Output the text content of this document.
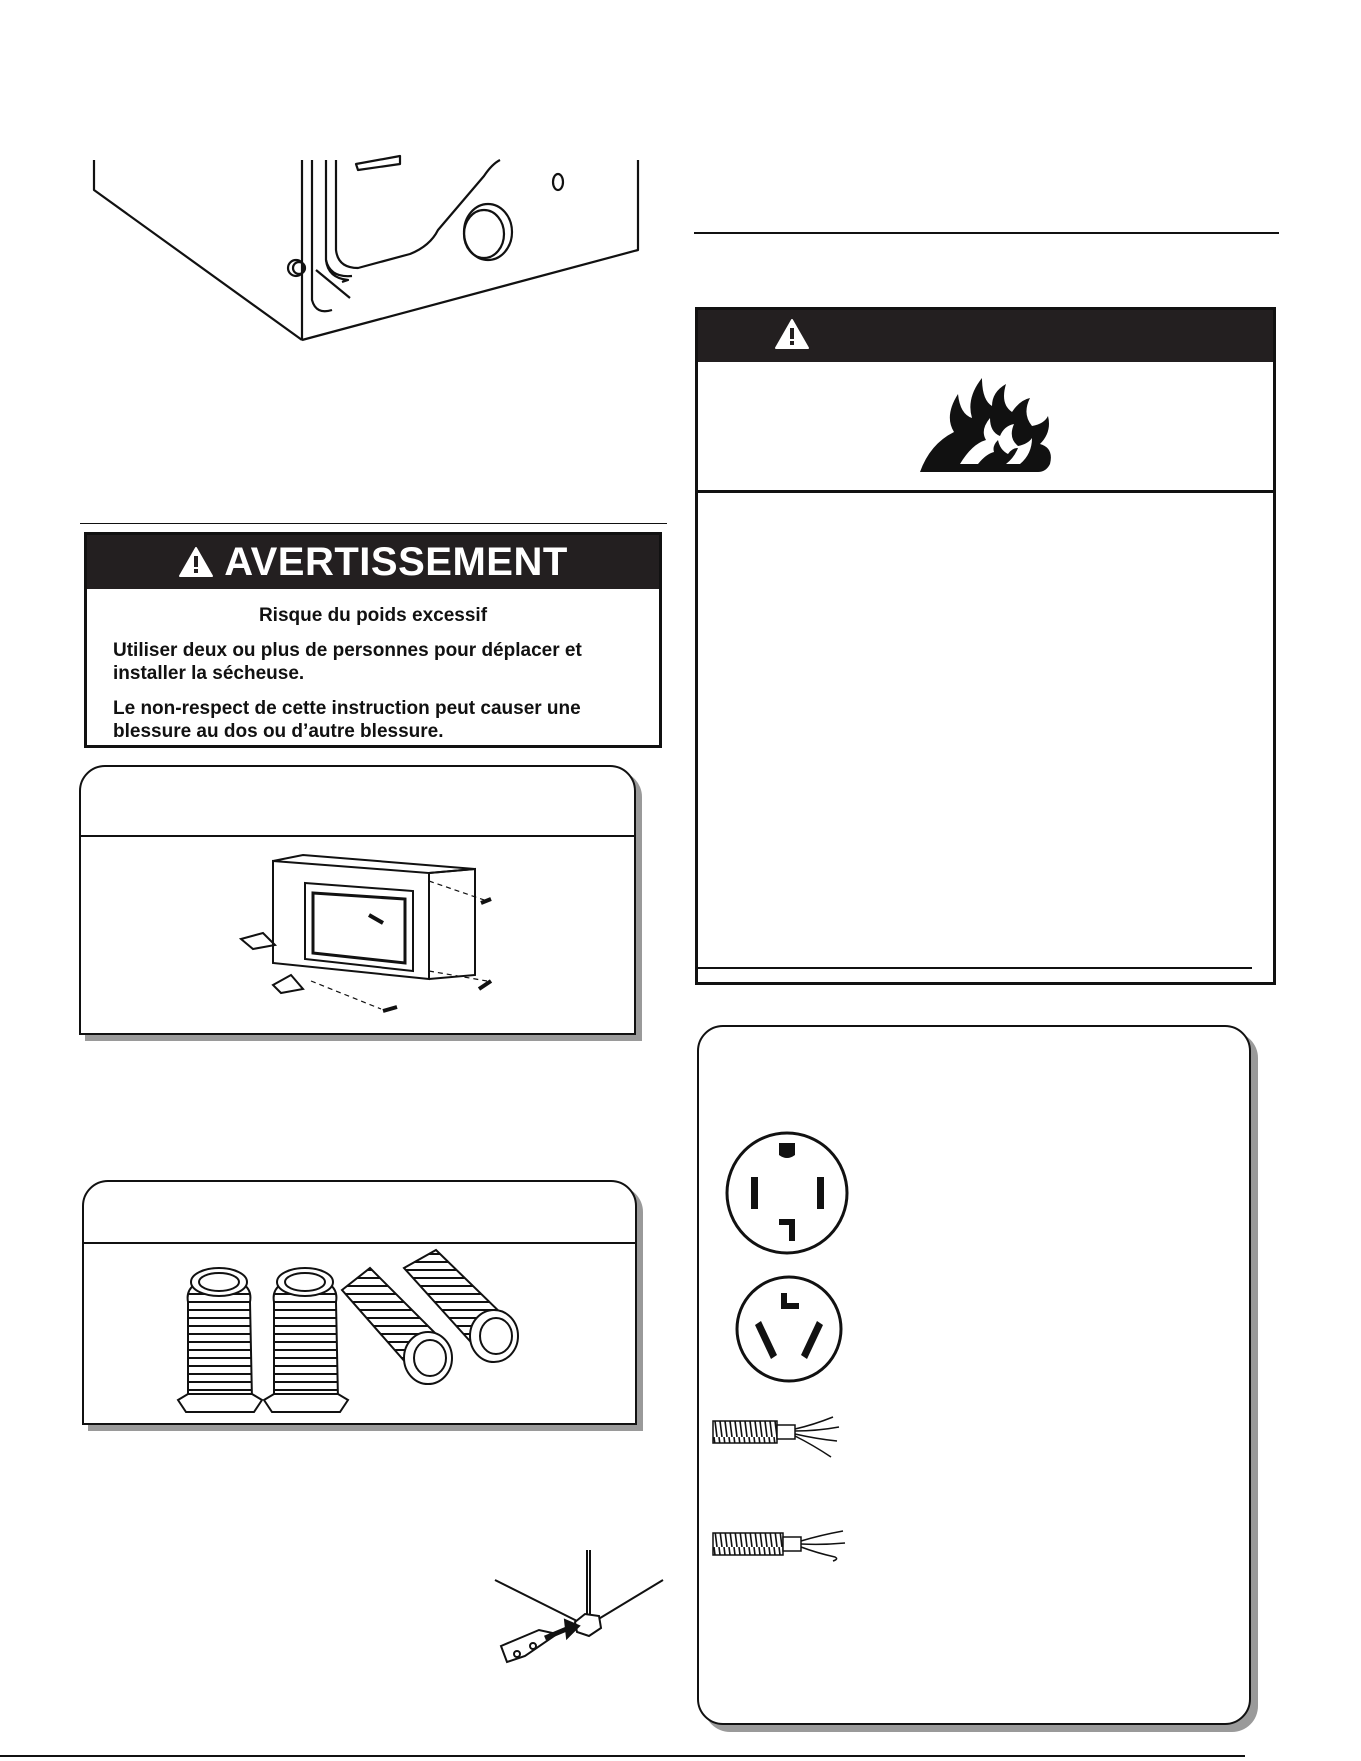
AVERTISSEMENT
Risque du poids excessif
Utiliser deux ou plus de personnes pour déplacer et installer la sécheuse.
Le non-respect de cette instruction peut causer une blessure au dos ou d’autre blessure.
